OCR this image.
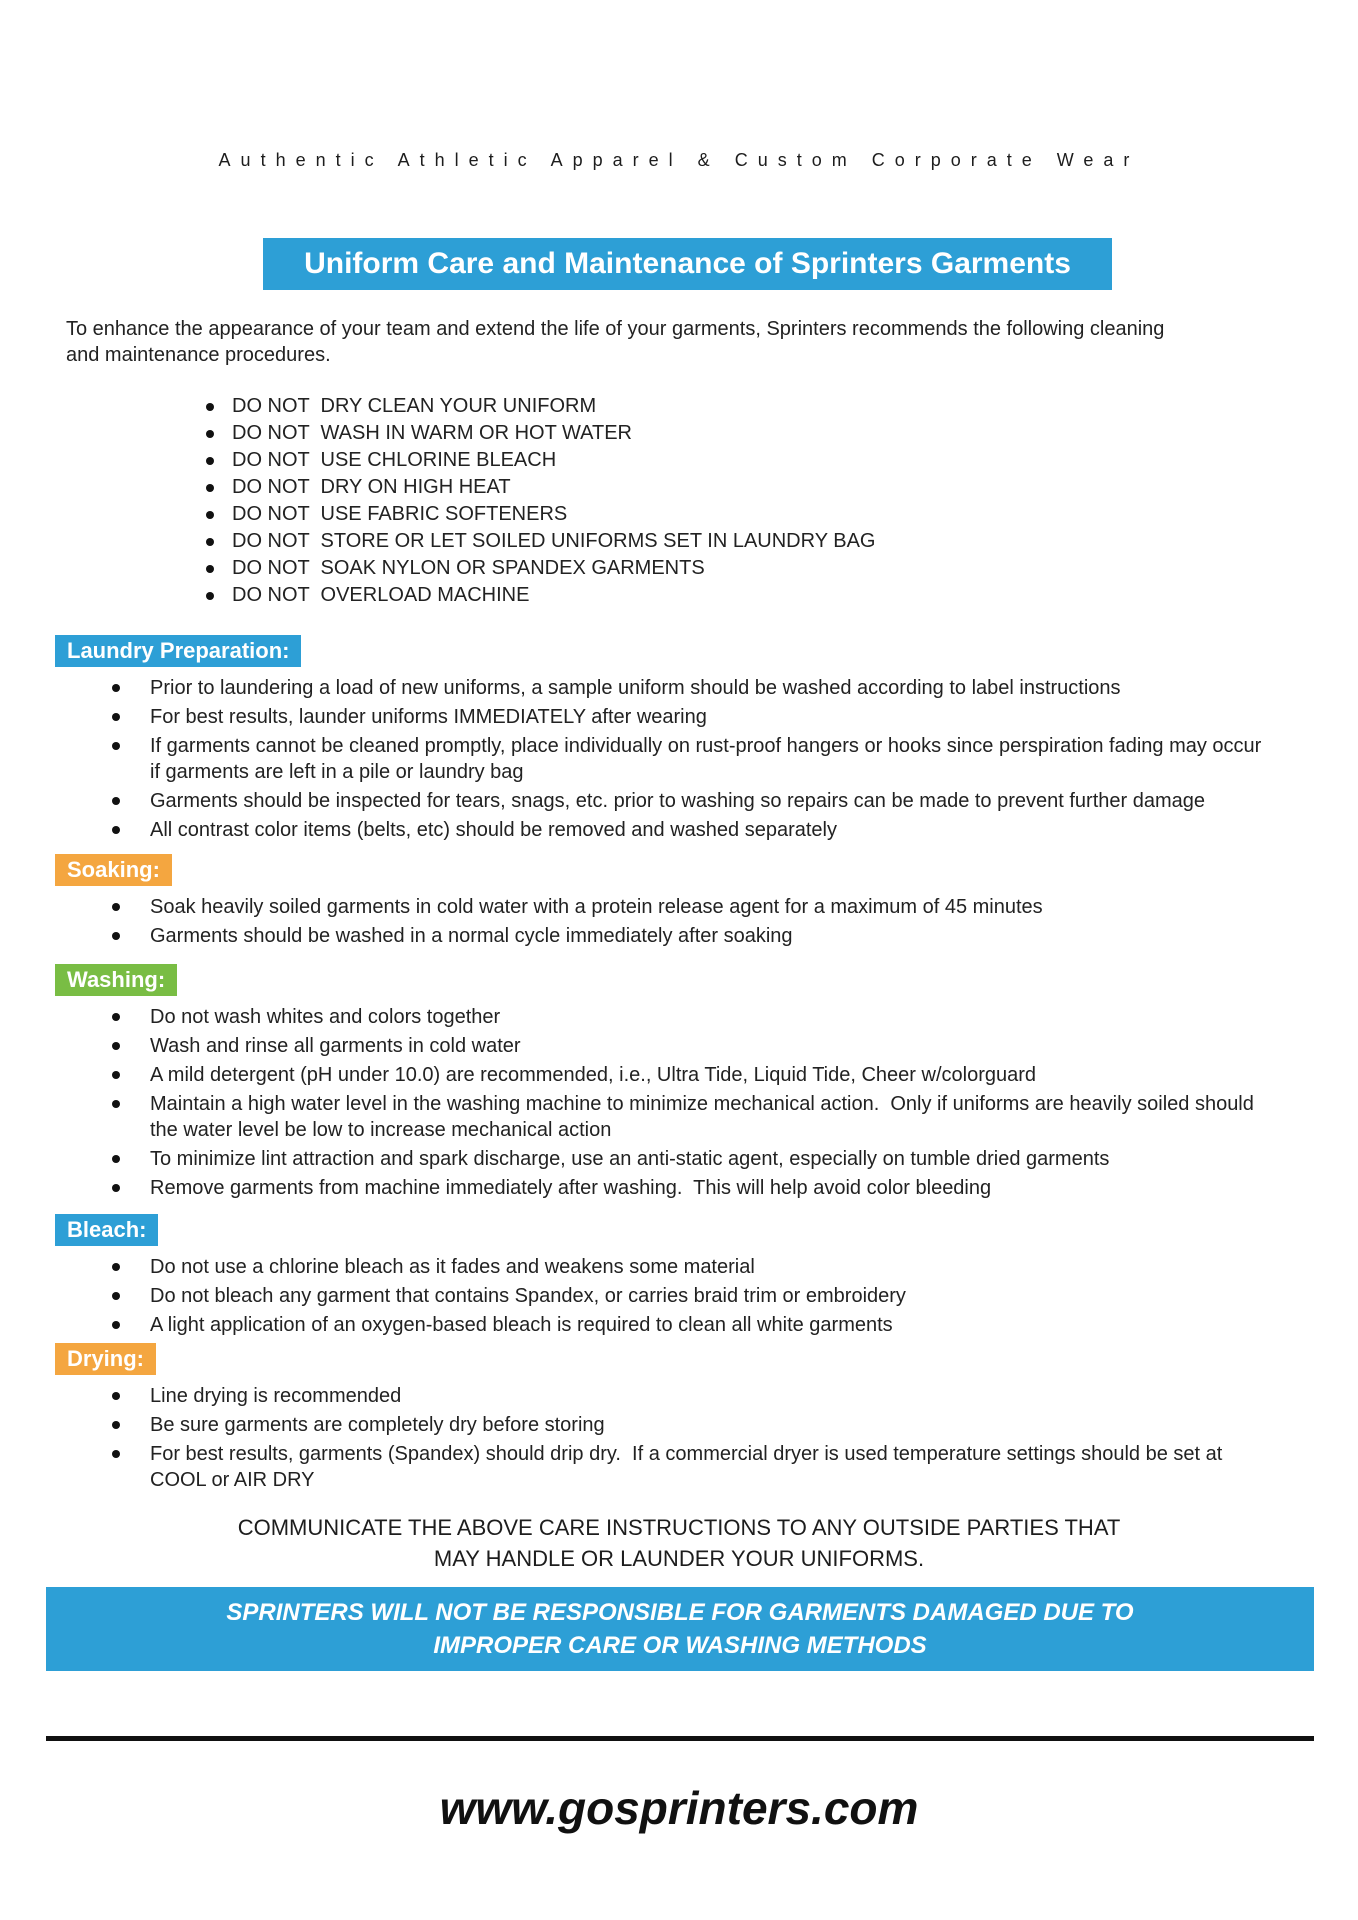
Authentic Athletic Apparel & Custom Corporate Wear
Uniform Care and Maintenance of Sprinters Garments

To enhance the appearance of your team and extend the life of your garments, Sprinters recommends the following cleaning and maintenance procedures.

DO NOT  DRY CLEAN YOUR UNIFORM
DO NOT  WASH IN WARM OR HOT WATER
DO NOT  USE CHLORINE BLEACH
DO NOT  DRY ON HIGH HEAT
DO NOT  USE FABRIC SOFTENERS
DO NOT  STORE OR LET SOILED UNIFORMS SET IN LAUNDRY BAG
DO NOT  SOAK NYLON OR SPANDEX GARMENTS
DO NOT  OVERLOAD MACHINE
Laundry Preparation:
Prior to laundering a load of new uniforms, a sample uniform should be washed according to label instructions
For best results, launder uniforms IMMEDIATELY after wearing
If garments cannot be cleaned promptly, place individually on rust-proof hangers or hooks since perspiration fading may occur if garments are left in a pile or laundry bag
Garments should be inspected for tears, snags, etc. prior to washing so repairs can be made to prevent further damage
All contrast color items (belts, etc) should be removed and washed separately
Soaking:
Soak heavily soiled garments in cold water with a protein release agent for a maximum of 45 minutes
Garments should be washed in a normal cycle immediately after soaking
Washing:
Do not wash whites and colors together
Wash and rinse all garments in cold water
A mild detergent (pH under 10.0) are recommended, i.e., Ultra Tide, Liquid Tide, Cheer w/colorguard
Maintain a high water level in the washing machine to minimize mechanical action.  Only if uniforms are heavily soiled should the water level be low to increase mechanical action
To minimize lint attraction and spark discharge, use an anti-static agent, especially on tumble dried garments
Remove garments from machine immediately after washing.  This will help avoid color bleeding
Bleach:
Do not use a chlorine bleach as it fades and weakens some material
Do not bleach any garment that contains Spandex, or carries braid trim or embroidery
A light application of an oxygen-based bleach is required to clean all white garments
Drying:
Line drying is recommended
Be sure garments are completely dry before storing
For best results, garments (Spandex) should drip dry.  If a commercial dryer is used temperature settings should be set at COOL or AIR DRY
COMMUNICATE THE ABOVE CARE INSTRUCTIONS TO ANY OUTSIDE PARTIES THAT
MAY HANDLE OR LAUNDER YOUR UNIFORMS.
SPRINTERS WILL NOT BE RESPONSIBLE FOR GARMENTS DAMAGED DUE TO
IMPROPER CARE OR WASHING METHODS
www.gosprinters.com
